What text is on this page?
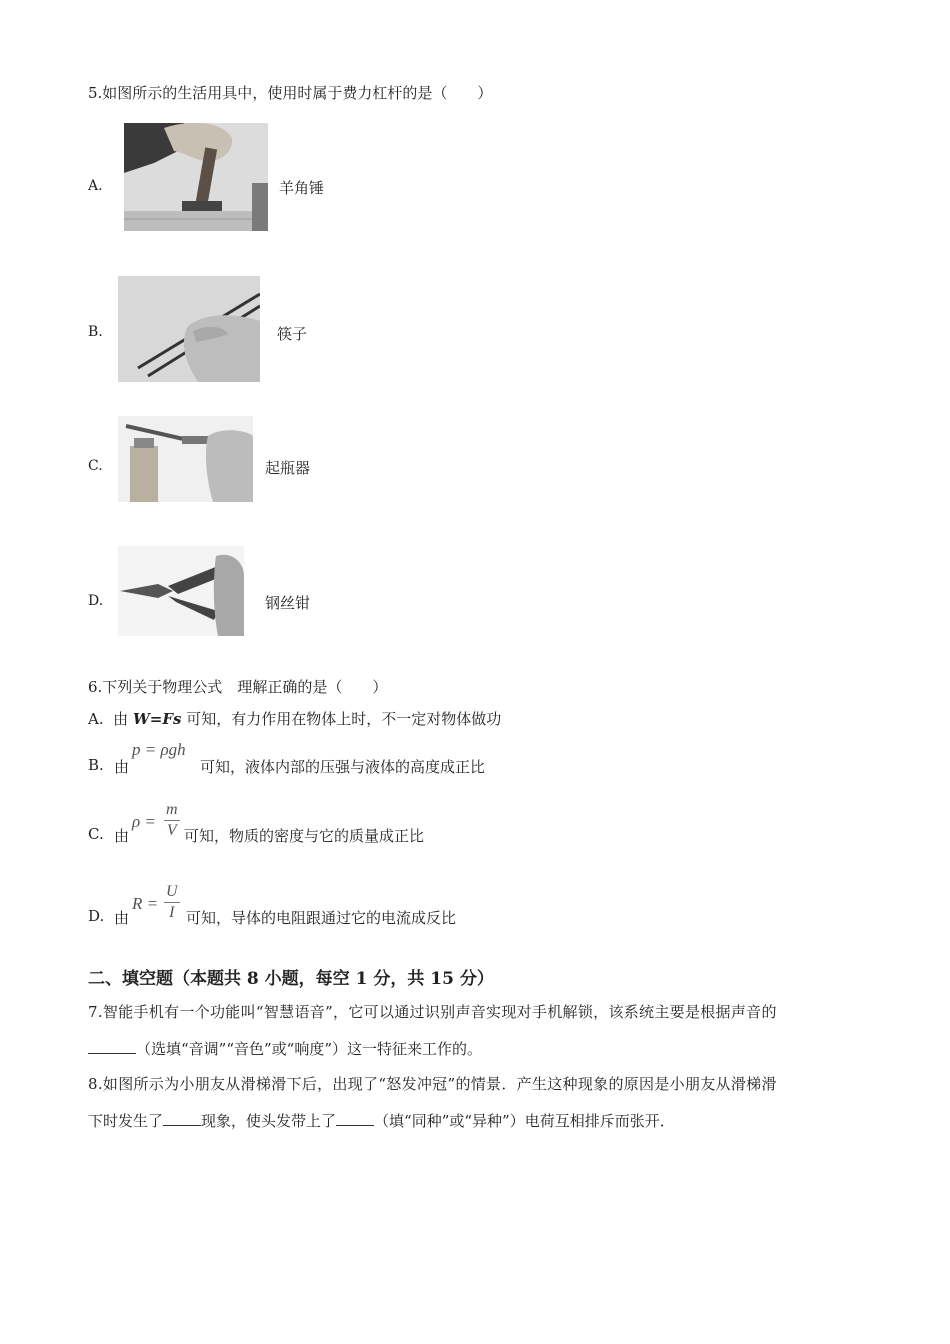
5.如图所示的生活用具中，使用时属于费力杠杆的是（　　）
A.	羊角锤
B.	筷子
C.	起瓶器
D.	钢丝钳
6.下列关于物理公式　理解正确的是（　　）
A. 由 W=Fs 可知，有力作用在物体上时，不一定对物体做功
B. 由
p = ρgh
可知，液体内部的压强与液体的高度成正比
C. 由
$\rho = \frac{m}{V}$ 可知，物质的密度与它的质量成正比
D. 由
$R = \frac{U}{I}$ 可知，导体的电阻跟通过它的电流成反比
二、填空题（本题共 8 小题，每空 1 分，共 15 分）
7.智能手机有一个功能叫“智慧语音”，它可以通过识别声音实现对手机解锁，该系统主要是根据声音的
（选填“音调”“音色”或“响度”）这一特征来工作的。
8.如图所示为小朋友从滑梯滑下后，出现了“怒发冲冠”的情景．产生这种现象的原因是小朋友从滑梯滑
下时发生了	现象，使头发带上了	（填“同种”或“异种”）电荷互相排斥而张开．
